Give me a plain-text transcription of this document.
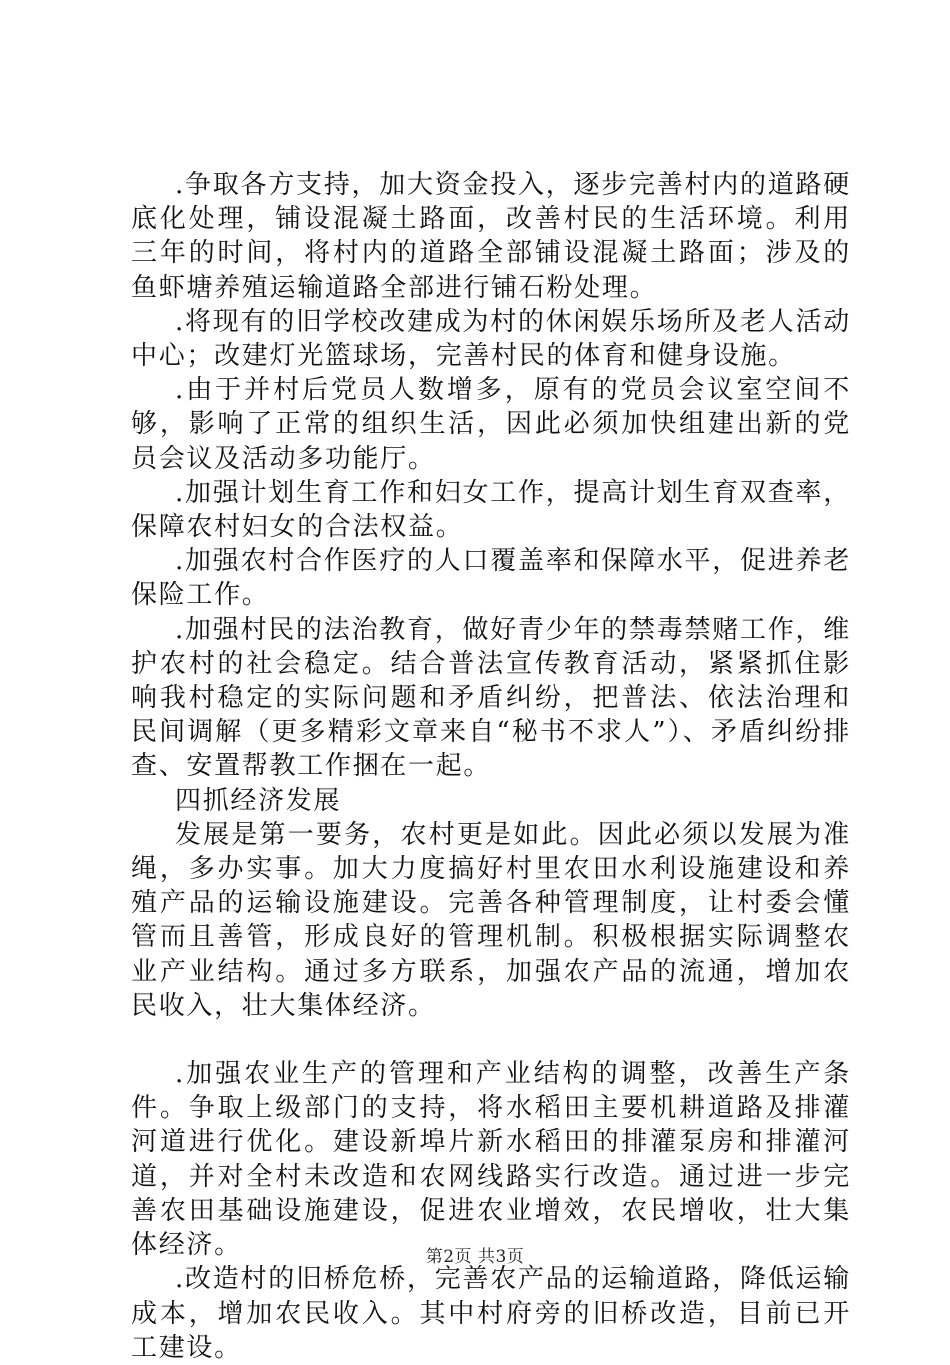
.争取各方支持，加大资金投入，逐步完善村内的道路硬底化处理，铺设混凝土路面，改善村民的生活环境。利用三年的时间，将村内的道路全部铺设混凝土路面；涉及的鱼虾塘养殖运输道路全部进行铺石粉处理。

.将现有的旧学校改建成为村的休闲娱乐场所及老人活动中心；改建灯光篮球场，完善村民的体育和健身设施。

.由于并村后党员人数增多，原有的党员会议室空间不够，影响了正常的组织生活，因此必须加快组建出新的党员会议及活动多功能厅。

.加强计划生育工作和妇女工作，提高计划生育双查率，保障农村妇女的合法权益。

.加强农村合作医疗的人口覆盖率和保障水平，促进养老保险工作。

.加强村民的法治教育，做好青少年的禁毒禁赌工作，维护农村的社会稳定。结合普法宣传教育活动，紧紧抓住影响我村稳定的实际问题和矛盾纠纷，把普法、依法治理和民间调解（更多精彩文章来自“秘书不求人”）、矛盾纠纷排查、安置帮教工作捆在一起。

四抓经济发展

发展是第一要务，农村更是如此。因此必须以发展为准绳，多办实事。加大力度搞好村里农田水利设施建设和养殖产品的运输设施建设。完善各种管理制度，让村委会懂管而且善管，形成良好的管理机制。积极根据实际调整农业产业结构。通过多方联系，加强农产品的流通，增加农民收入，壮大集体经济。

.加强农业生产的管理和产业结构的调整，改善生产条件。争取上级部门的支持，将水稻田主要机耕道路及排灌河道进行优化。建设新埠片新水稻田的排灌泵房和排灌河道，并对全村未改造和农网线路实行改造。通过进一步完善农田基础设施建设，促进农业增效，农民增收，壮大集体经济。

.改造村的旧桥危桥，完善农产品的运输道路，降低运输成本，增加农民收入。其中村府旁的旧桥改造，目前已开工建设。

第2页 共3页
